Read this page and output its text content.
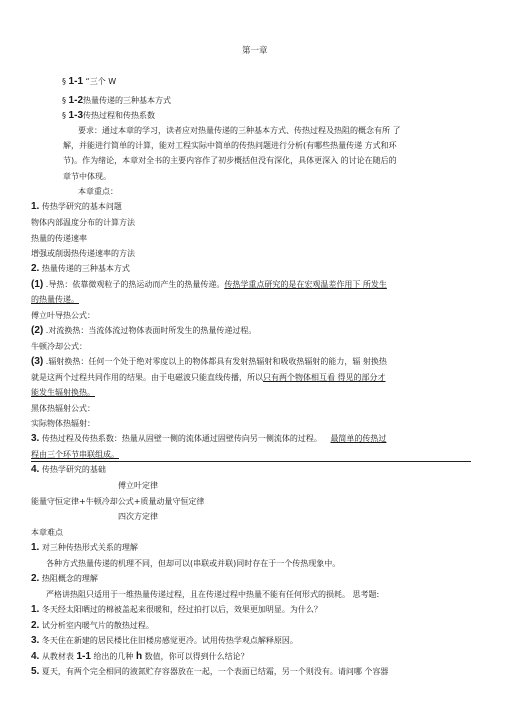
第一章
§ 1-1 “三个 W
§ 1-2热量传递的三种基本方式
§ 1-3传热过程和传热系数
要求：通过本章的学习，读者应对热量传递的三种基本方式、传热过程及热阻的概念有所 了
解，并能进行简单的计算，能对工程实际中简单的传热问题进行分析(有哪些热量传递 方式和环
节)。作为绪论，本章对全书的主要内容作了初步概括但没有深化，具体更深入 的讨论在随后的
章节中体现。
本章重点：
1. 传热学研究的基本问题
物体内部温度分布的计算方法
热量的传递速率
增强或削弱热传递速率的方法
2. 热量传递的三种基本方式
(1) .导热：依靠微观粒子的热运动而产生的热量传递。传热学重点研究的是在宏观温差作用下 所发生
的热量传递。
傅立叶导热公式：
(2) .对流换热：当流体流过物体表面时所发生的热量传递过程。
牛顿冷却公式：
(3) .辐射换热：任何一个处于绝对零度以上的物体都具有发射热辐射和吸收热辐射的能力，辐 射换热
就是这两个过程共同作用的结果。由于电磁波只能直线传播，所以只有两个物体相互看 得见的部分才
能发生辐射换热。
黑体热辐射公式：
实际物体热辐射：
3. 传热过程及传热系数：热量从固壁一侧的流体通过固壁传向另一侧流体的过程。 最简单的传热过
程由三个环节串联组成。
4. 传热学研究的基础
傅立叶定律
能量守恒定律+牛顿冷却公式+质量动量守恒定律
四次方定律
本章难点
1. 对三种传热形式关系的理解
各种方式热量传递的机理不同，但却可以(串联或并联)同时存在于一个传热现象中。
2. 热阻概念的理解
严格讲热阻只适用于一维热量传递过程，且在传递过程中热量不能有任何形式的损耗。 思考题:
1. 冬天经太阳晒过的棉被盖起来很暖和，经过拍打以后，效果更加明显。为什么？
2. 试分析室内暖气片的散热过程。
3. 冬天住在新建的居民楼比住旧楼房感觉更冷。试用传热学观点解释原因。
4. 从教材表 1-1 给出的几种 h 数值，你可以得到什么结论？
5. 夏天，有两个完全相同的液氮贮存容器放在一起，一个表面已结霜，另一个则没有。请问哪 个容器
